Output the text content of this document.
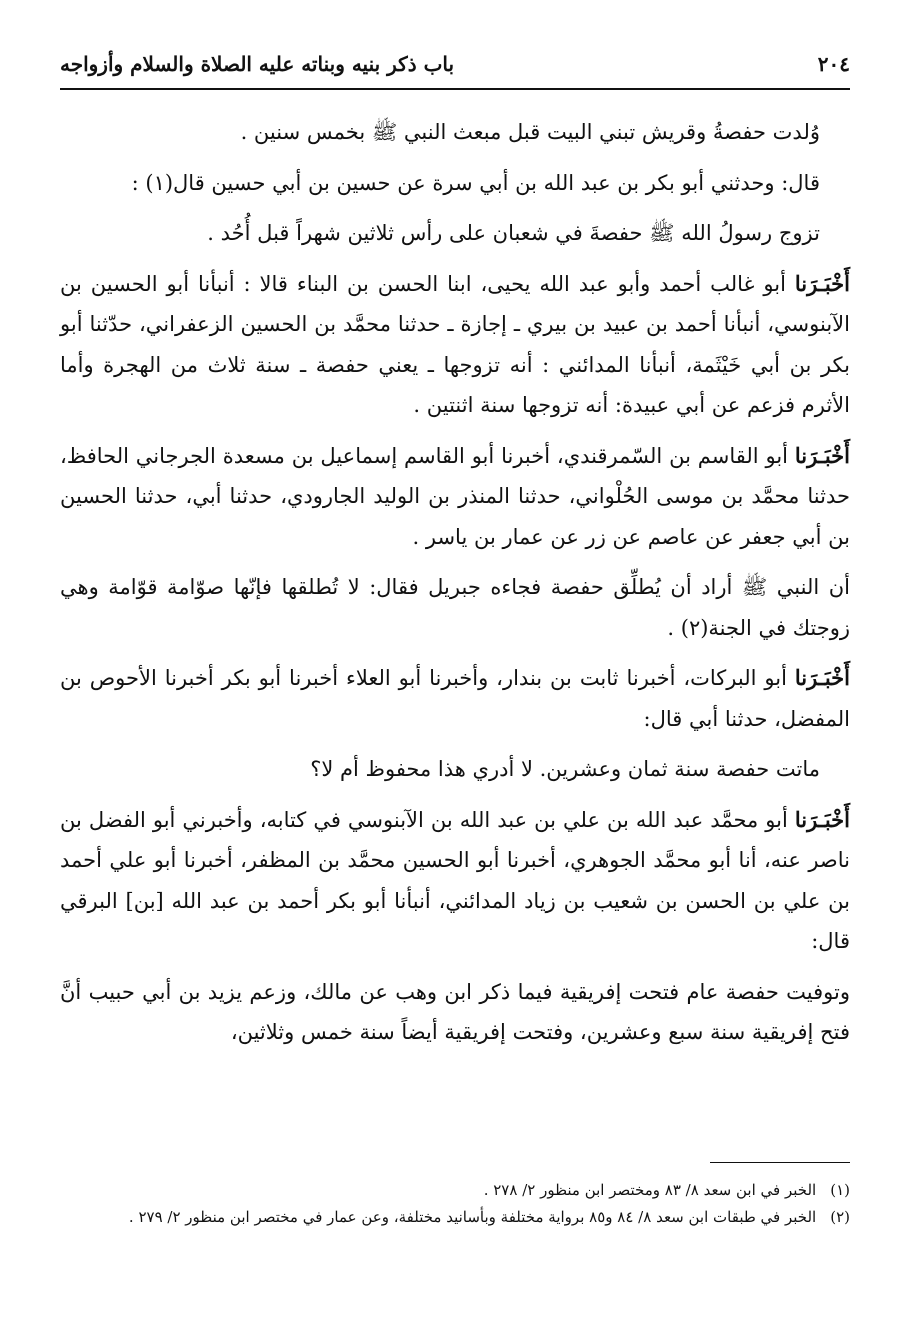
٢٠٤
باب ذكر بنيه وبناته عليه الصلاة والسلام وأزواجه

وُلدت حفصةُ وقريش تبني البيت قبل مبعث النبي ﷺ بخمس سنين .

قال: وحدثني أبو بكر بن عبد الله بن أبي سرة عن حسين بن أبي حسين قال(١) :

تزوج رسولُ الله ﷺ حفصةَ في شعبان على رأس ثلاثين شهراً قبل أُحُد .

أَخْبَـرَنا أبو غالب أحمد وأبو عبد الله يحيى، ابنا الحسن بن البناء قالا : أنبأنا أبو الحسين بن الآبنوسي، أنبأنا أحمد بن عبيد بن بيري ـ إجازة ـ حدثنا محمَّد بن الحسين الزعفراني، حدّثنا أبو بكر بن أبي خَيْثَمة، أنبأنا المدائني : أنه تزوجها ـ يعني حفصة ـ سنة ثلاث من الهجرة وأما الأثرم فزعم عن أبي عبيدة: أنه تزوجها سنة اثنتين .

أَخْبَـرَنا أبو القاسم بن السّمرقندي، أخبرنا أبو القاسم إسماعيل بن مسعدة الجرجاني الحافظ، حدثنا محمَّد بن موسى الحُلْواني، حدثنا المنذر بن الوليد الجارودي، حدثنا أبي، حدثنا الحسين بن أبي جعفر عن عاصم عن زر عن عمار بن ياسر .

أن النبي ﷺ أراد أن يُطلِّق حفصة فجاءه جبريل فقال: لا تُطلقها فإنّها صوّامة قوّامة وهي زوجتك في الجنة(٢) .

أَخْبَـرَنا أبو البركات، أخبرنا ثابت بن بندار، وأخبرنا أبو العلاء أخبرنا أبو بكر أخبرنا الأحوص بن المفضل، حدثنا أبي قال:

ماتت حفصة سنة ثمان وعشرين. لا أدري هذا محفوظ أم لا؟

أَخْبَـرَنا أبو محمَّد عبد الله بن علي بن عبد الله بن الآبنوسي في كتابه، وأخبرني أبو الفضل بن ناصر عنه، أنا أبو محمَّد الجوهري، أخبرنا أبو الحسين محمَّد بن المظفر، أخبرنا أبو علي أحمد بن علي بن الحسن بن شعيب بن زياد المدائني، أنبأنا أبو بكر أحمد بن عبد الله [بن] البرقي قال:

وتوفيت حفصة عام فتحت إفريقية فيما ذكر ابن وهب عن مالك، وزعم يزيد بن أبي حبيب أنَّ فتح إفريقية سنة سبع وعشرين، وفتحت إفريقية أيضاً سنة خمس وثلاثين،

(١)
الخبر في ابن سعد ٨/ ٨٣ ومختصر ابن منظور ٢/ ٢٧٨ .
(٢)
الخبر في طبقات ابن سعد ٨/ ٨٤ و٨٥ برواية مختلفة وبأسانيد مختلفة، وعن عمار في مختصر ابن منظور ٢/ ٢٧٩ .
